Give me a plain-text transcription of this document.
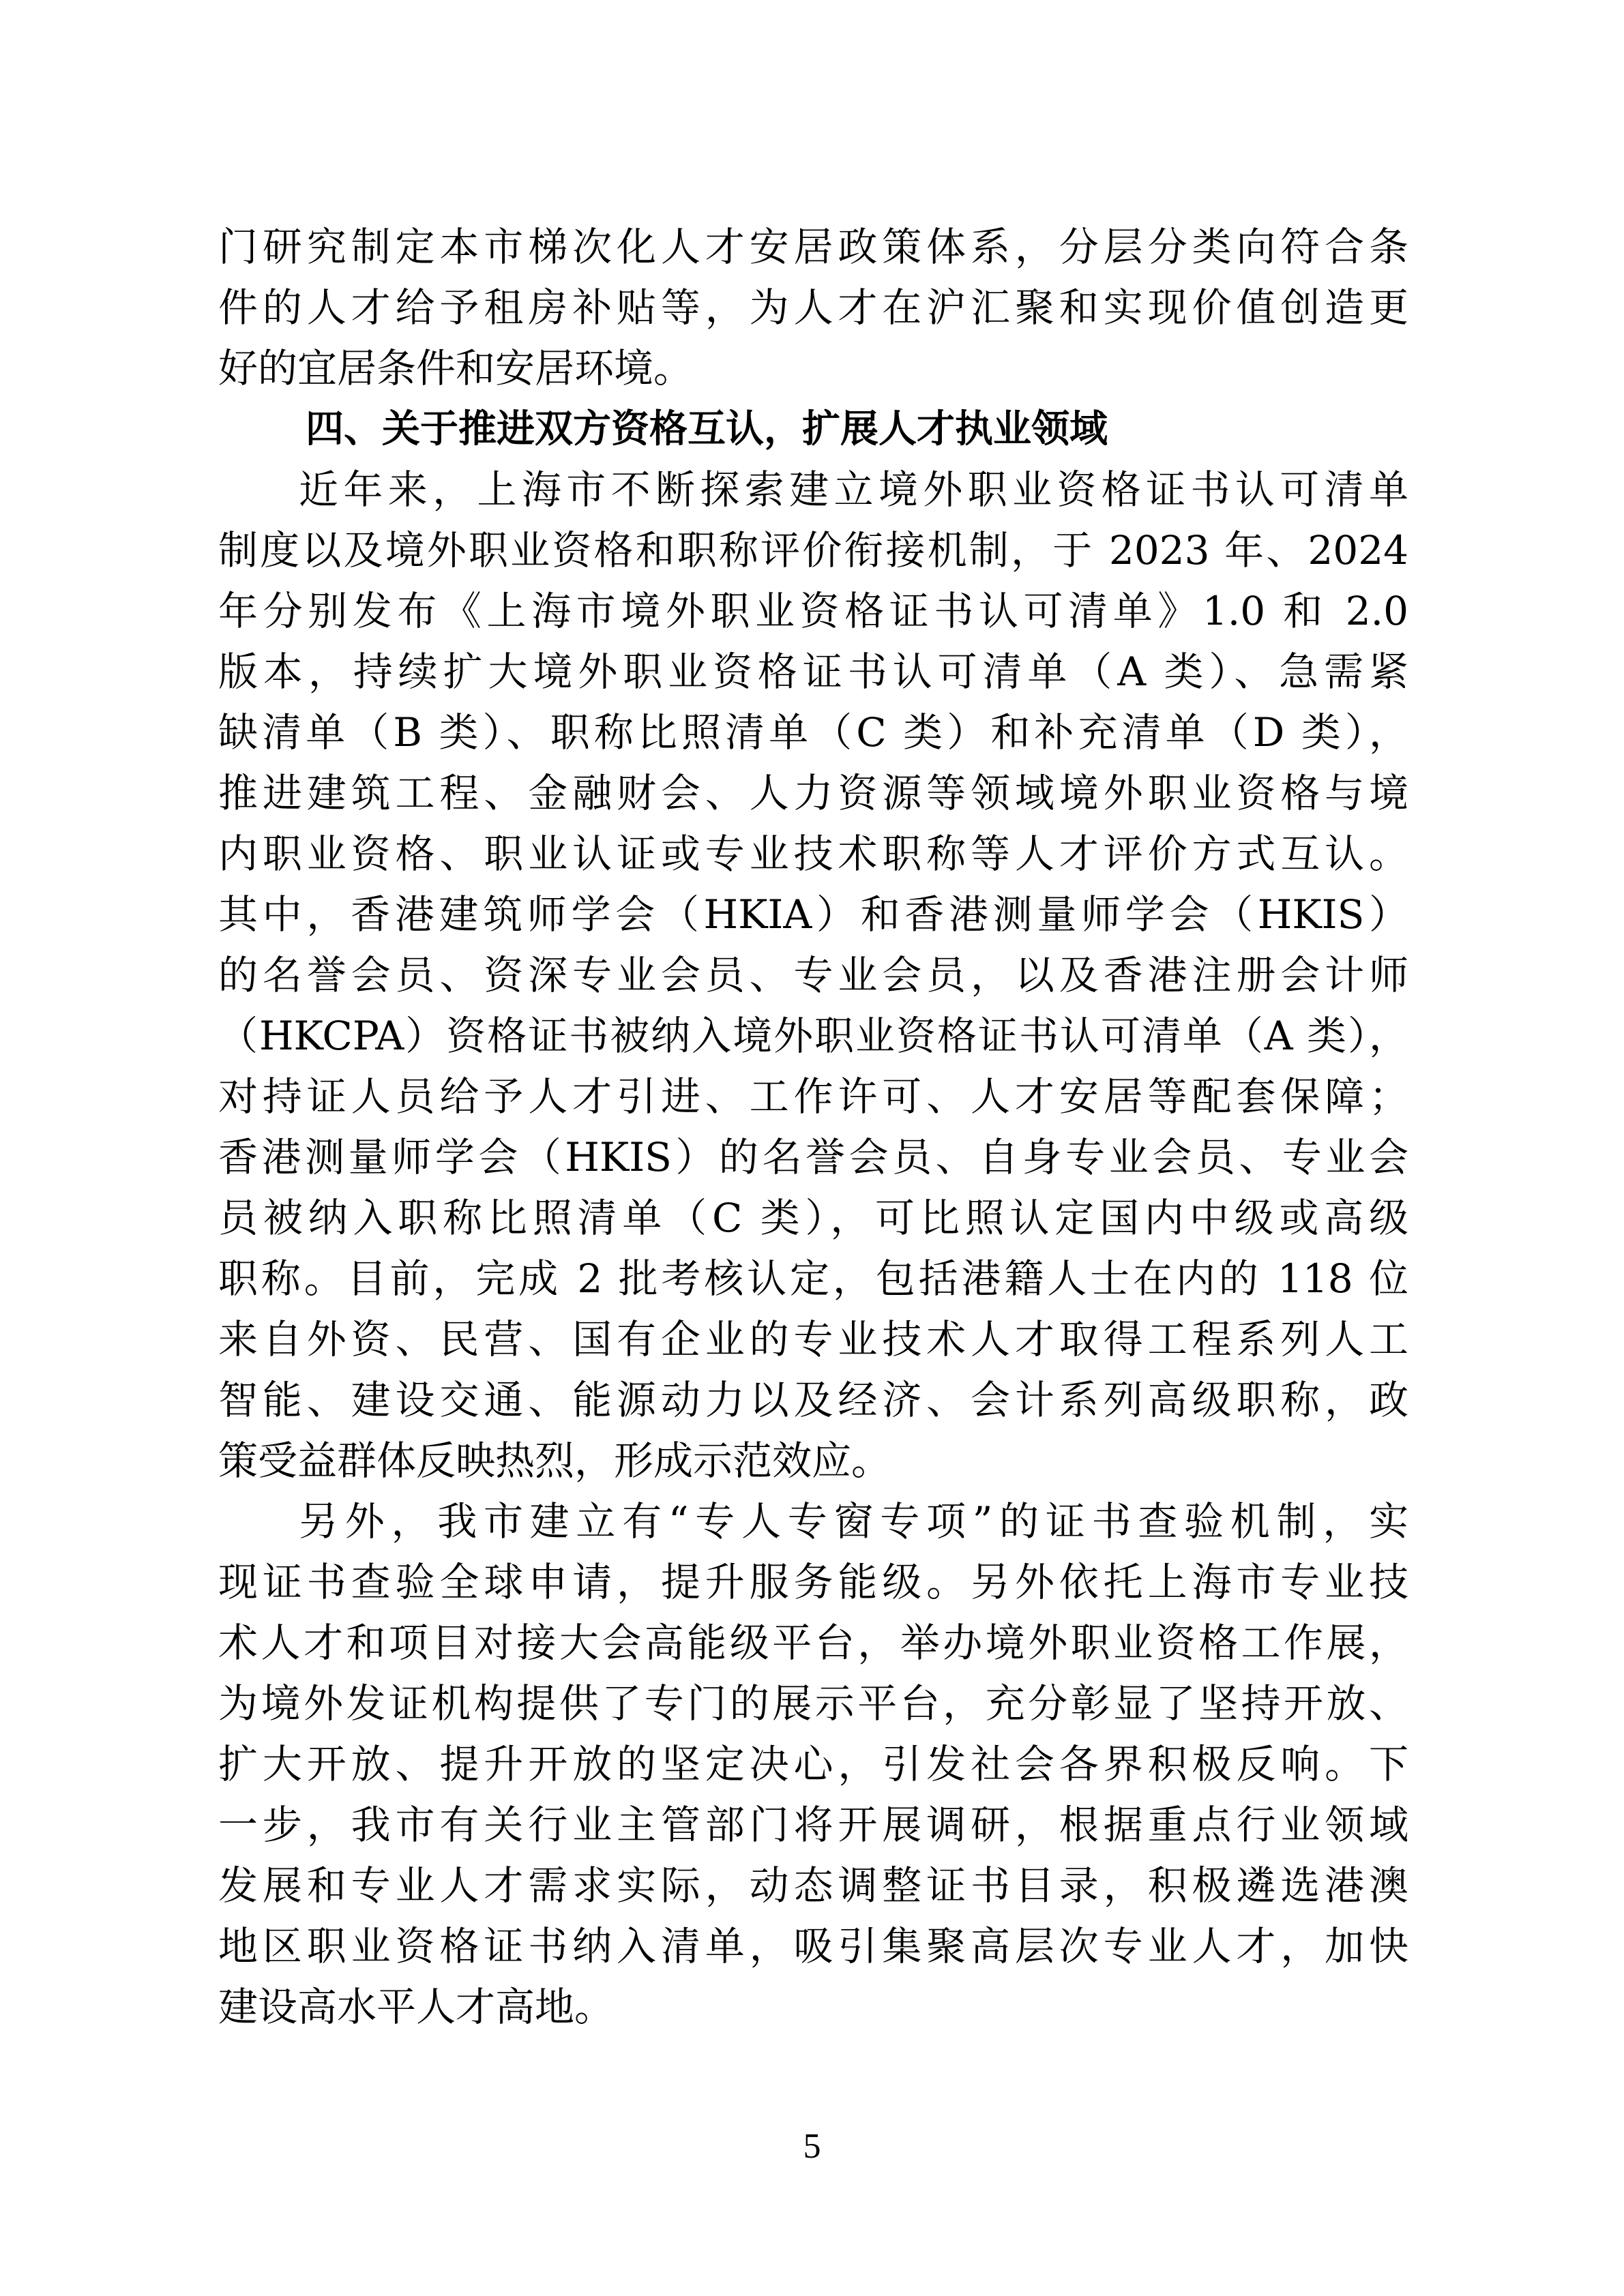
门研究制定本市梯次化人才安居政策体系，分层分类向符合条
件的人才给予租房补贴等，为人才在沪汇聚和实现价值创造更
好的宜居条件和安居环境。
四、关于推进双方资格互认，扩展人才执业领域
近年来，上海市不断探索建立境外职业资格证书认可清单
制度以及境外职业资格和职称评价衔接机制，于 2023 年、2024
年分别发布《上海市境外职业资格证书认可清单》1.0 和 2.0
版本，持续扩大境外职业资格证书认可清单（A 类）、急需紧
缺清单（B 类）、职称比照清单（C 类）和补充清单（D 类），
推进建筑工程、金融财会、人力资源等领域境外职业资格与境
内职业资格、职业认证或专业技术职称等人才评价方式互认。
其中，香港建筑师学会（HKIA）和香港测量师学会（HKIS）
的名誉会员、资深专业会员、专业会员，以及香港注册会计师
（HKCPA）资格证书被纳入境外职业资格证书认可清单（A 类），
对持证人员给予人才引进、工作许可、人才安居等配套保障；
香港测量师学会（HKIS）的名誉会员、自身专业会员、专业会
员被纳入职称比照清单（C 类），可比照认定国内中级或高级
职称。目前，完成 2 批考核认定，包括港籍人士在内的 118 位
来自外资、民营、国有企业的专业技术人才取得工程系列人工
智能、建设交通、能源动力以及经济、会计系列高级职称，政
策受益群体反映热烈，形成示范效应。
另外，我市建立有“专人专窗专项”的证书查验机制，实
现证书查验全球申请，提升服务能级。另外依托上海市专业技
术人才和项目对接大会高能级平台，举办境外职业资格工作展，
为境外发证机构提供了专门的展示平台，充分彰显了坚持开放、
扩大开放、提升开放的坚定决心，引发社会各界积极反响。下
一步，我市有关行业主管部门将开展调研，根据重点行业领域
发展和专业人才需求实际，动态调整证书目录，积极遴选港澳
地区职业资格证书纳入清单，吸引集聚高层次专业人才，加快
建设高水平人才高地。
5
